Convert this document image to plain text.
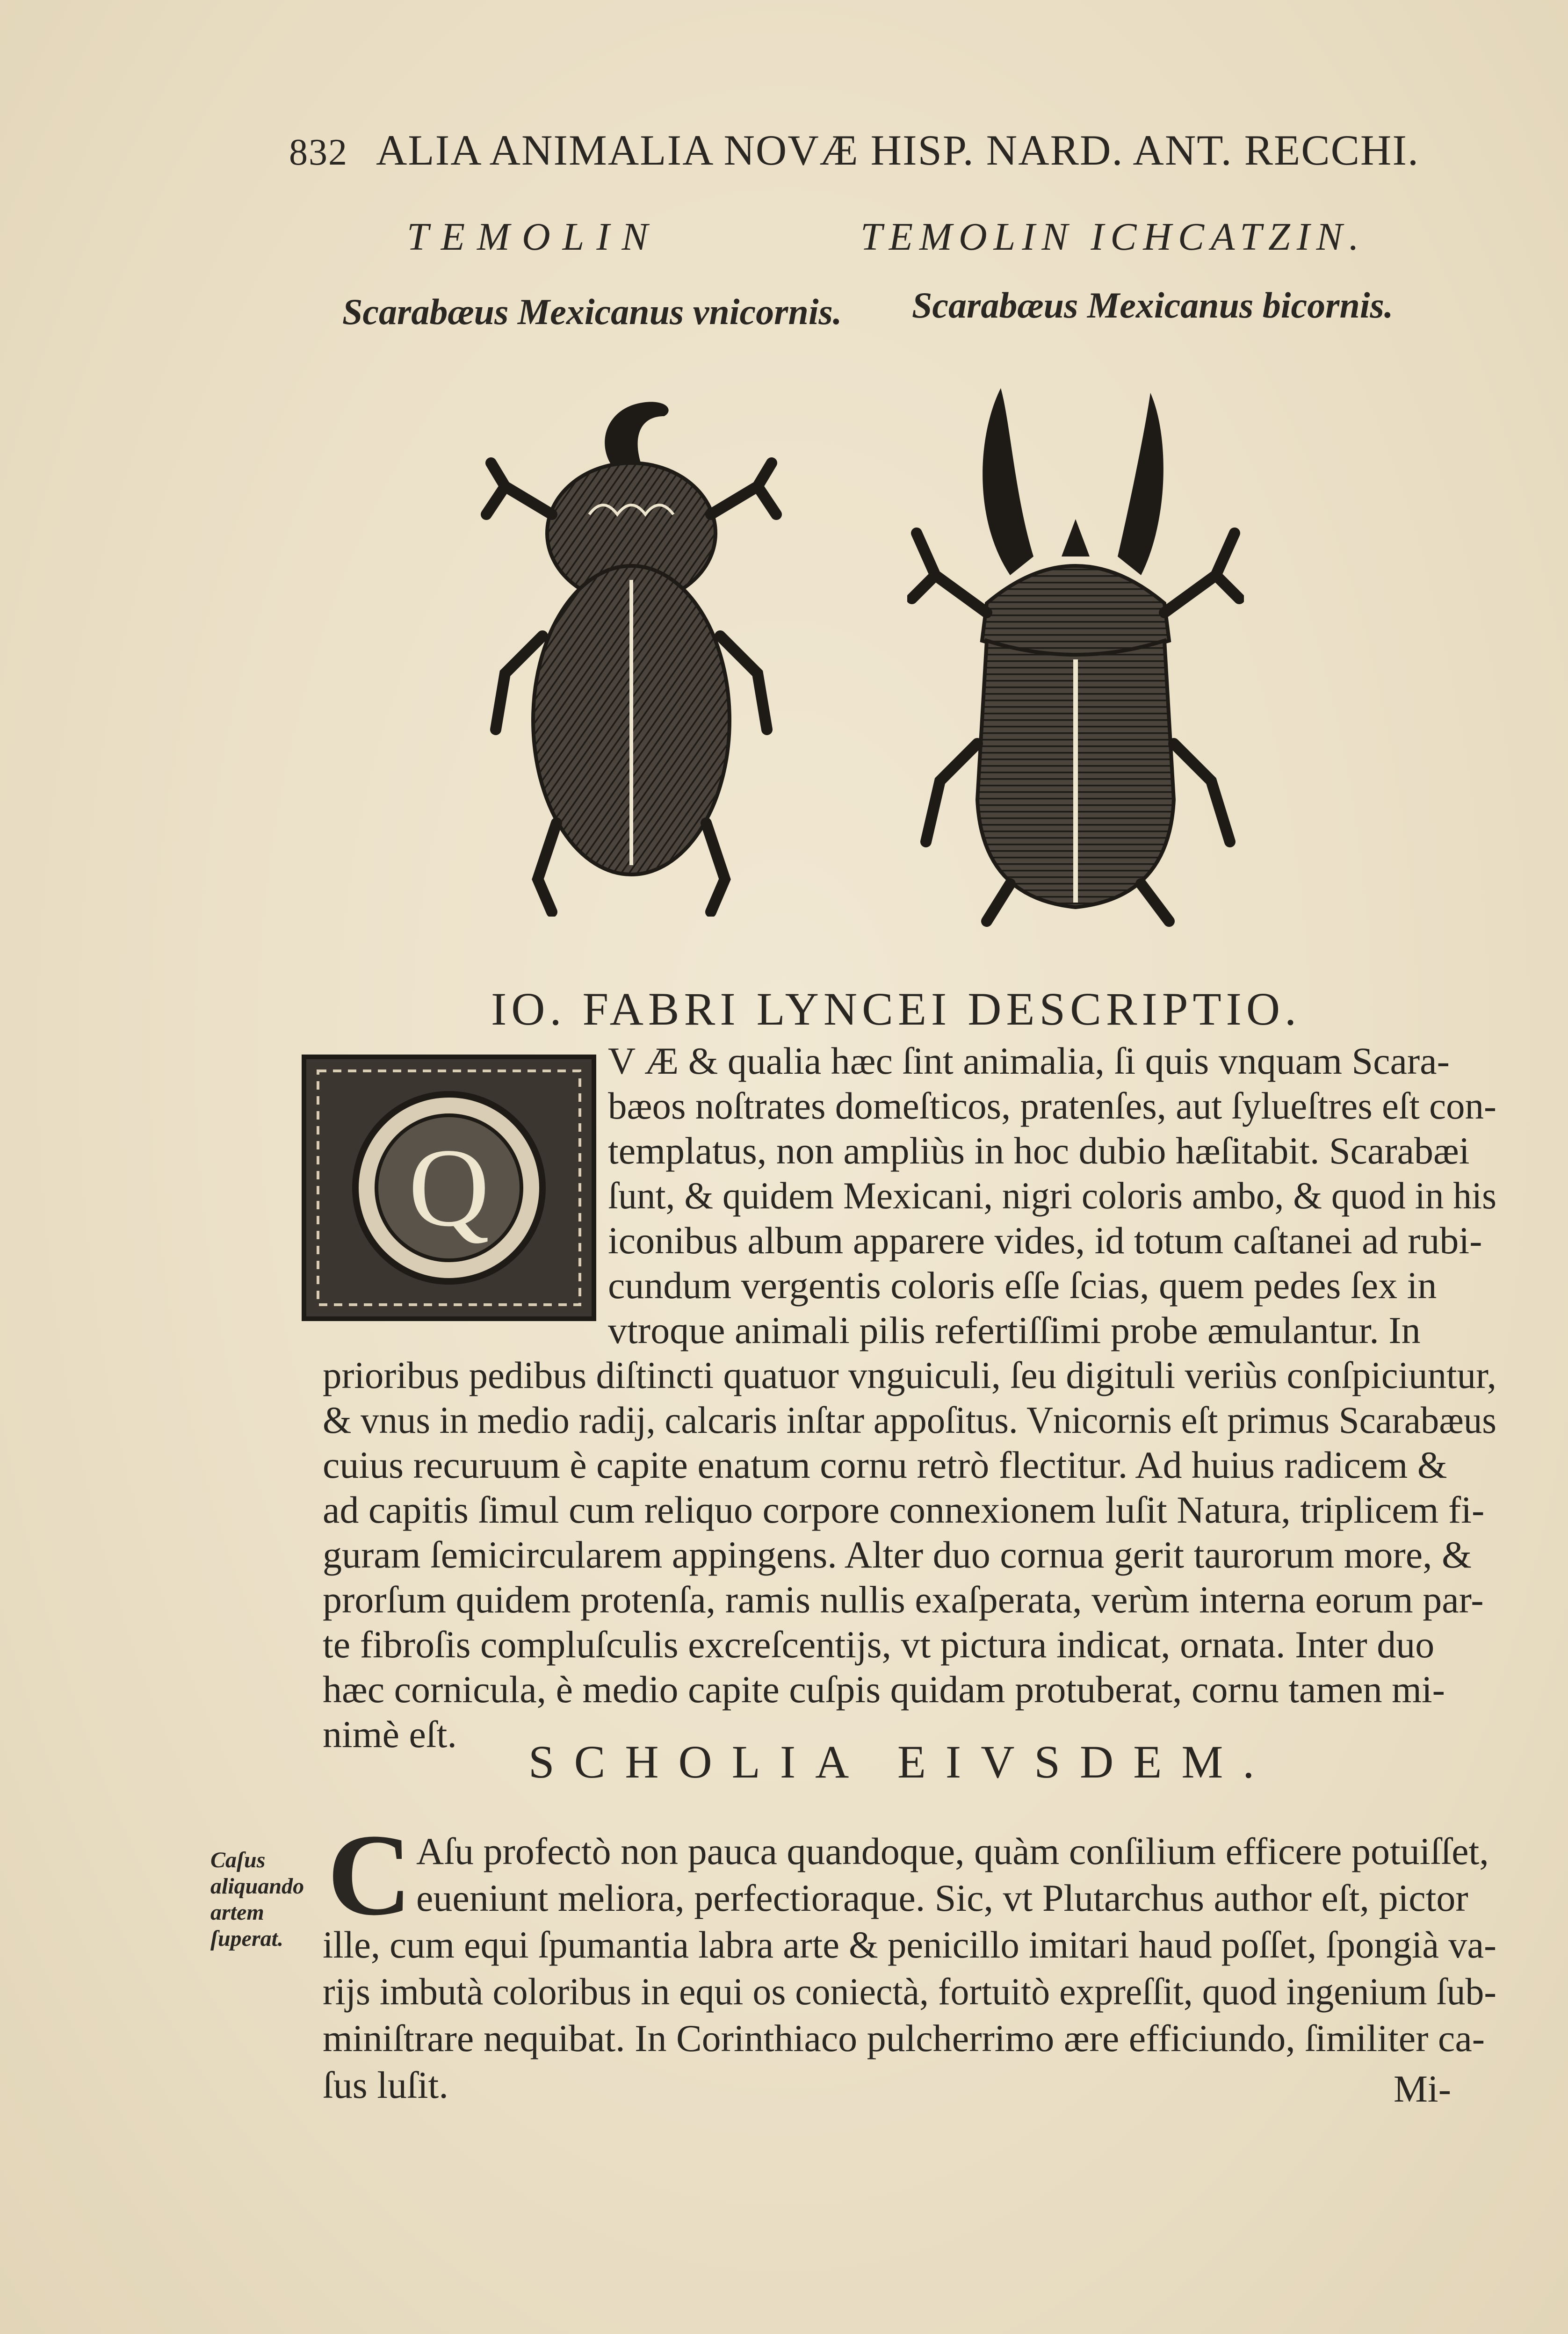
832 ALIA ANIMALIA NOVÆ HISP. NARD. ANT. RECCHI.
TEMOLIN	TEMOLIN ICHCATZIN.
Scarabæus Mexicanus vnicornis. Scarabæus Mexicanus bicornis.
IO. FABRI LYNCEI DESCRIPTIO.
Q
V Æ & qualia hæc ſint animalia, ſi quis vnquam Scara-
bæos noſtrates domeſticos, pratenſes, aut ſylueſtres eſt con-
templatus, non ampliùs in hoc dubio hæſitabit. Scarabæi
ſunt, & quidem Mexicani, nigri coloris ambo, & quod in his
iconibus album apparere vides, id totum caſtanei ad rubi-
cundum vergentis coloris eſſe ſcias, quem pedes ſex in
vtroque animali pilis refertiſſimi probe æmulantur. In
prioribus pedibus diſtincti quatuor vnguiculi, ſeu digituli veriùs conſpiciuntur,
& vnus in medio radij, calcaris inſtar appoſitus. Vnicornis eſt primus Scarabæus
cuius recuruum è capite enatum cornu retrò flectitur. Ad huius radicem &
ad capitis ſimul cum reliquo corpore connexionem luſit Natura, triplicem fi-
guram ſemicircularem appingens. Alter duo cornua gerit taurorum more, &
prorſum quidem protenſa, ramis nullis exaſperata, verùm interna eorum par-
te fibroſis compluſculis excreſcentijs, vt pictura indicat, ornata. Inter duo
hæc cornicula, è medio capite cuſpis quidam protuberat, cornu tamen mi-
nimè eſt.
SCHOLIA EIVSDEM.
Caſus aliquando artem ſuperat. C Aſu profectò non pauca quandoque, quàm conſilium efficere potuiſſet,
eueniunt meliora, perfectioraque. Sic, vt Plutarchus author eſt, pictor
ille, cum equi ſpumantia labra arte & penicillo imitari haud poſſet, ſpongià va-
rijs imbutà coloribus in equi os coniectà, fortuitò expreſſit, quod ingenium ſub-
miniſtrare nequibat. In Corinthiaco pulcherrimo ære efficiundo, ſimiliter ca-
ſus luſit.	Mi-
